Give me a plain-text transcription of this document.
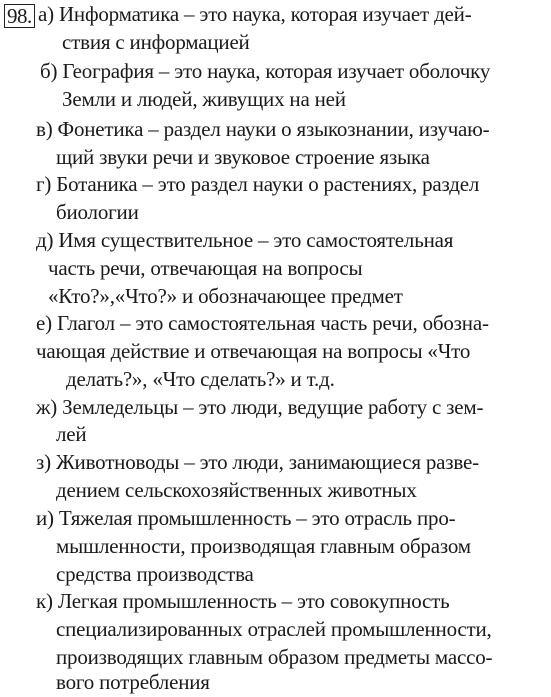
98. а) Информатика – это наука, которая изучает дей-
ствия с информацией
б) География – это наука, которая изучает оболочку
Земли и людей, живущих на ней
в) Фонетика – раздел науки о языкознании, изучаю-
щий звуки речи и звуковое строение языка
г) Ботаника – это раздел науки о растениях, раздел
биологии
д) Имя существительное – это самостоятельная
часть речи, отвечающая на вопросы
«Кто?»,«Что?» и обозначающее предмет
е) Глагол – это самостоятельная часть речи, обозна-
чающая действие и отвечающая на вопросы «Что
делать?», «Что сделать?» и т.д.
ж) Земледельцы – это люди, ведущие работу с зем-
лей
з) Животноводы – это люди, занимающиеся разве-
дением сельскохозяйственных животных
и) Тяжелая промышленность – это отрасль про-
мышленности, производящая главным образом
средства производства
к) Легкая промышленность – это совокупность
специализированных отраслей промышленности,
производящих главным образом предметы массо-
вого потребления
